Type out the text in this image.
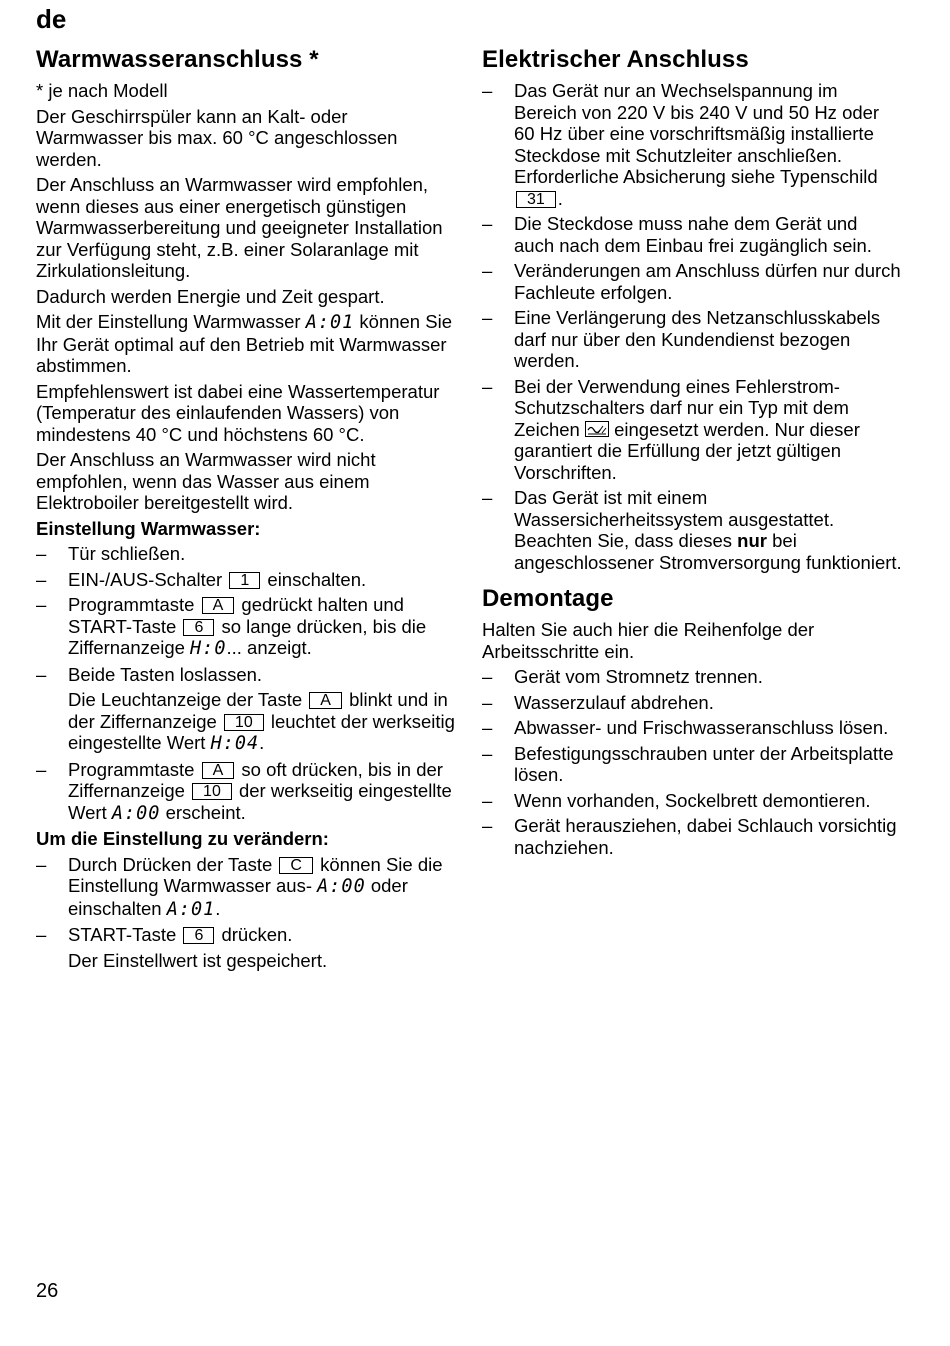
de
Warmwasseranschluss *

* je nach Modell

Der Geschirrspüler kann an Kalt- oder Warmwasser bis max. 60 °C angeschlossen werden.

Der Anschluss an Warmwasser wird empfohlen, wenn dieses aus einer energetisch günstigen Warmwasserbereitung und geeigneter Installation zur Verfügung steht, z.B. einer Solaranlage mit Zirkulationsleitung.

Dadurch werden Energie und Zeit gespart.

Mit der Einstellung Warmwasser A:01 können Sie Ihr Gerät optimal auf den Betrieb mit Warmwasser abstimmen.

Empfehlenswert ist dabei eine Wassertemperatur (Temperatur des einlaufenden Wassers) von mindestens 40 °C und höchstens 60 °C.

Der Anschluss an Warmwasser wird nicht empfohlen, wenn das Wasser aus einem Elektroboiler bereitgestellt wird.

Einstellung Warmwasser:
– Tür schließen.
– EIN-/AUS-Schalter 1 einschalten.
– Programmtaste A gedrückt halten und START-Taste 6 so lange drücken, bis die Ziffernanzeige H:0... anzeigt.
– Beide Tasten loslassen.

Die Leuchtanzeige der Taste A blinkt und in der Ziffernanzeige 10 leuchtet der werkseitig eingestellte Wert H:04.

– Programmtaste A so oft drücken, bis in der Ziffernanzeige 10 der werkseitig eingestellte Wert A:00 erscheint.
Um die Einstellung zu verändern:
– Durch Drücken der Taste C können Sie die Einstellung Warmwasser aus- A:00 oder einschalten A:01.
– START-Taste 6 drücken.

Der Einstellwert ist gespeichert.

Elektrischer Anschluss
– Das Gerät nur an Wechselspannung im Bereich von 220 V bis 240 V und 50 Hz oder 60 Hz über eine vorschriftsmäßig installierte Steckdose mit Schutzleiter anschließen. Erforderliche Absicherung siehe Typenschild 31 .
– Die Steckdose muss nahe dem Gerät und auch nach dem Einbau frei zugänglich sein.
– Veränderungen am Anschluss dürfen nur durch Fachleute erfolgen.
– Eine Verlängerung des Netzanschlusskabels darf nur über den Kundendienst bezogen werden.
– Bei der Verwendung eines Fehlerstrom-Schutzschalters darf nur ein Typ mit dem Zeichen eingesetzt werden. Nur dieser garantiert die Erfüllung der jetzt gültigen Vorschriften.
– Das Gerät ist mit einem Wassersicherheitssystem ausgestattet. Beachten Sie, dass dieses nur bei angeschlossener Stromversorgung funktioniert.
Demontage

Halten Sie auch hier die Reihenfolge der Arbeitsschritte ein.

– Gerät vom Stromnetz trennen.
– Wasserzulauf abdrehen.
– Abwasser- und Frischwasseranschluss lösen.
– Befestigungsschrauben unter der Arbeitsplatte lösen.
– Wenn vorhanden, Sockelbrett demontieren.
– Gerät herausziehen, dabei Schlauch vorsichtig nachziehen.
26
